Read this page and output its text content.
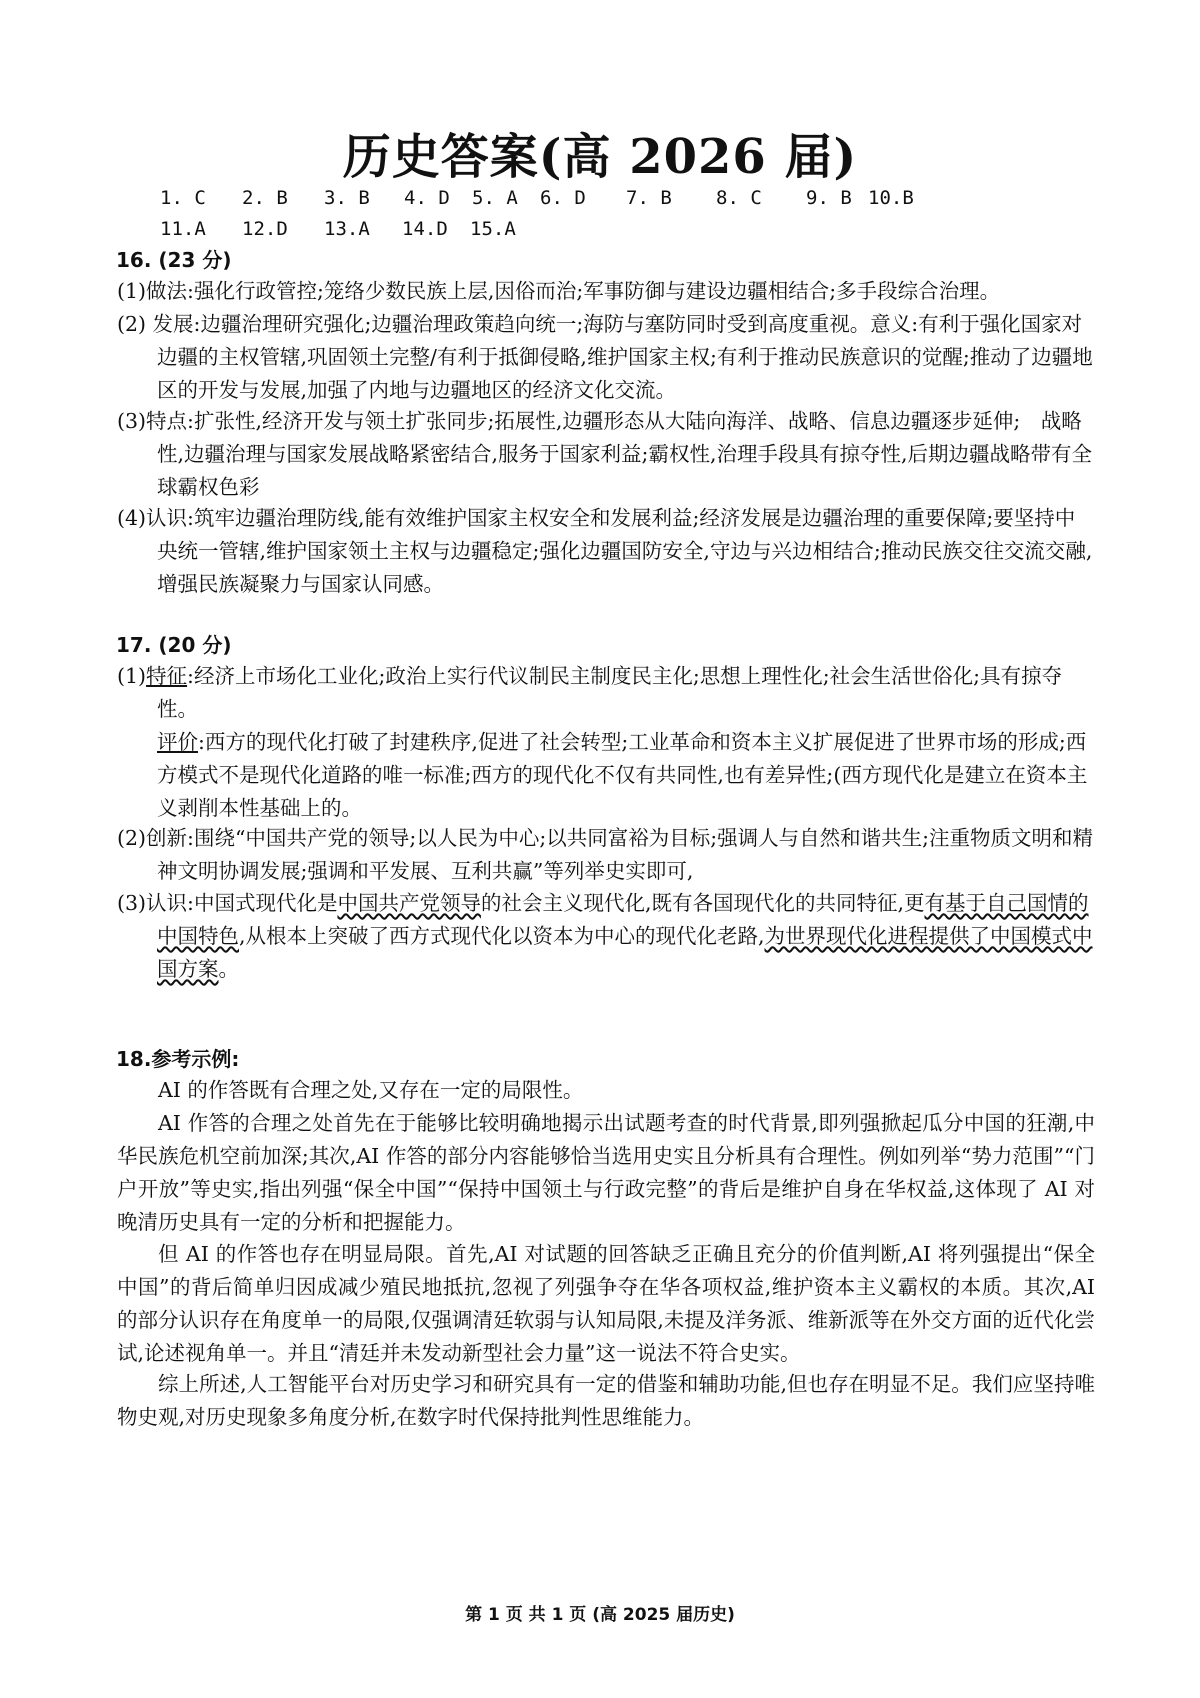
历史答案(高 2026 届)
1. C 2. B 3. B 4. D 5. A 6. D 7. B 8. C 9. B 10.B
11.A 12.D 13.A 14.D 15.A
16. (23 分)
(1)做法:强化行政管控;笼络少数民族上层,因俗而治;军事防御与建设边疆相结合;多手段综合治理。
(2) 发展:边疆治理研究强化;边疆治理政策趋向统一;海防与塞防同时受到高度重视。意义:有利于强化国家对边疆的主权管辖,巩固领土完整/有利于抵御侵略,维护国家主权;有利于推动民族意识的觉醒;推动了边疆地区的开发与发展,加强了内地与边疆地区的经济文化交流。
(3)特点:扩张性,经济开发与领土扩张同步;拓展性,边疆形态从大陆向海洋、战略、信息边疆逐步延伸;　战略性,边疆治理与国家发展战略紧密结合,服务于国家利益;霸权性,治理手段具有掠夺性,后期边疆战略带有全球霸权色彩
(4)认识:筑牢边疆治理防线,能有效维护国家主权安全和发展利益;经济发展是边疆治理的重要保障;要坚持中央统一管辖,维护国家领土主权与边疆稳定;强化边疆国防安全,守边与兴边相结合;推动民族交往交流交融,增强民族凝聚力与国家认同感。
17. (20 分)
(1)特征:经济上市场化工业化;政治上实行代议制民主制度民主化;思想上理性化;社会生活世俗化;具有掠夺性。
评价:西方的现代化打破了封建秩序,促进了社会转型;工业革命和资本主义扩展促进了世界市场的形成;西方模式不是现代化道路的唯一标准;西方的现代化不仅有共同性,也有差异性;(西方现代化是建立在资本主义剥削本性基础上的。
(2)创新:围绕“中国共产党的领导;以人民为中心;以共同富裕为目标;强调人与自然和谐共生;注重物质文明和精神文明协调发展;强调和平发展、互利共赢”等列举史实即可,
(3)认识:中国式现代化是中国共产党领导的社会主义现代化,既有各国现代化的共同特征,更有基于自己国情的中国特色,从根本上突破了西方式现代化以资本为中心的现代化老路,为世界现代化进程提供了中国模式中国方案。
18.参考示例:
AI 的作答既有合理之处,又存在一定的局限性。
AI 作答的合理之处首先在于能够比较明确地揭示出试题考查的时代背景,即列强掀起瓜分中国的狂潮,中华民族危机空前加深;其次,AI 作答的部分内容能够恰当选用史实且分析具有合理性。例如列举“势力范围”“门户开放”等史实,指出列强“保全中国”“保持中国领土与行政完整”的背后是维护自身在华权益,这体现了 AI 对晚清历史具有一定的分析和把握能力。
但 AI 的作答也存在明显局限。首先,AI 对试题的回答缺乏正确且充分的价值判断,AI 将列强提出“保全中国”的背后简单归因成减少殖民地抵抗,忽视了列强争夺在华各项权益,维护资本主义霸权的本质。其次,AI 的部分认识存在角度单一的局限,仅强调清廷软弱与认知局限,未提及洋务派、维新派等在外交方面的近代化尝试,论述视角单一。并且“清廷并未发动新型社会力量”这一说法不符合史实。
综上所述,人工智能平台对历史学习和研究具有一定的借鉴和辅助功能,但也存在明显不足。我们应坚持唯物史观,对历史现象多角度分析,在数字时代保持批判性思维能力。
第 1 页 共 1 页 (高 2025 届历史)
